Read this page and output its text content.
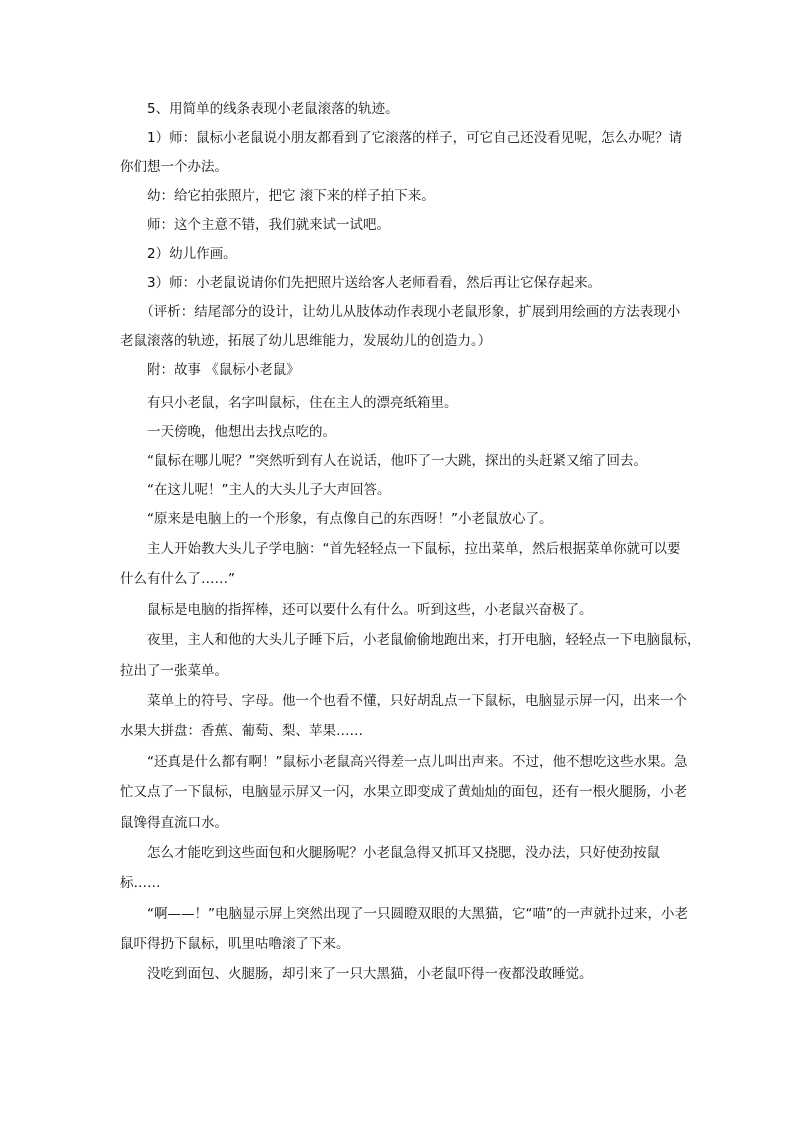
　　5、用简单的线条表现小老鼠滚落的轨迹。
　　1）师：鼠标小老鼠说小朋友都看到了它滚落的样子，可它自己还没看见呢，怎么办呢？请
你们想一个办法。
　　幼：给它拍张照片，把它 滚下来的样子拍下来。
　　师：这个主意不错，我们就来试一试吧。
　　2）幼儿作画。
　　3）师：小老鼠说请你们先把照片送给客人老师看看，然后再让它保存起来。
　　（评析：结尾部分的设计，让幼儿从肢体动作表现小老鼠形象，扩展到用绘画的方法表现小
老鼠滚落的轨迹，拓展了幼儿思维能力，发展幼儿的创造力。）
　　附：故事 《鼠标小老鼠》
　　有只小老鼠，名字叫鼠标，住在主人的漂亮纸箱里。
　　一天傍晚，他想出去找点吃的。
　　“鼠标在哪儿呢？”突然听到有人在说话，他吓了一大跳，探出的头赶紧又缩了回去。
　　“在这儿呢！”主人的大头儿子大声回答。
　　“原来是电脑上的一个形象，有点像自己的东西呀！”小老鼠放心了。
　　主人开始教大头儿子学电脑：“首先轻轻点一下鼠标，拉出菜单，然后根据菜单你就可以要
什么有什么了……”
　　鼠标是电脑的指挥棒，还可以要什么有什么。听到这些，小老鼠兴奋极了。
　　夜里，主人和他的大头儿子睡下后，小老鼠偷偷地跑出来，打开电脑，轻轻点一下电脑鼠标，
拉出了一张菜单。
　　菜单上的符号、字母。他一个也看不懂，只好胡乱点一下鼠标，电脑显示屏一闪，出来一个
水果大拼盘：香蕉、葡萄、梨、苹果……
　　“还真是什么都有啊！”鼠标小老鼠高兴得差一点儿叫出声来。不过，他不想吃这些水果。急
忙又点了一下鼠标，电脑显示屏又一闪，水果立即变成了黄灿灿的面包，还有一根火腿肠，小老
鼠馋得直流口水。
　　怎么才能吃到这些面包和火腿肠呢？小老鼠急得又抓耳又挠腮，没办法，只好使劲按鼠
标……
　　“啊——！”电脑显示屏上突然出现了一只圆瞪双眼的大黑猫，它“喵”的一声就扑过来，小老
鼠吓得扔下鼠标，叽里咕噜滚了下来。
　　没吃到面包、火腿肠，却引来了一只大黑猫，小老鼠吓得一夜都没敢睡觉。
